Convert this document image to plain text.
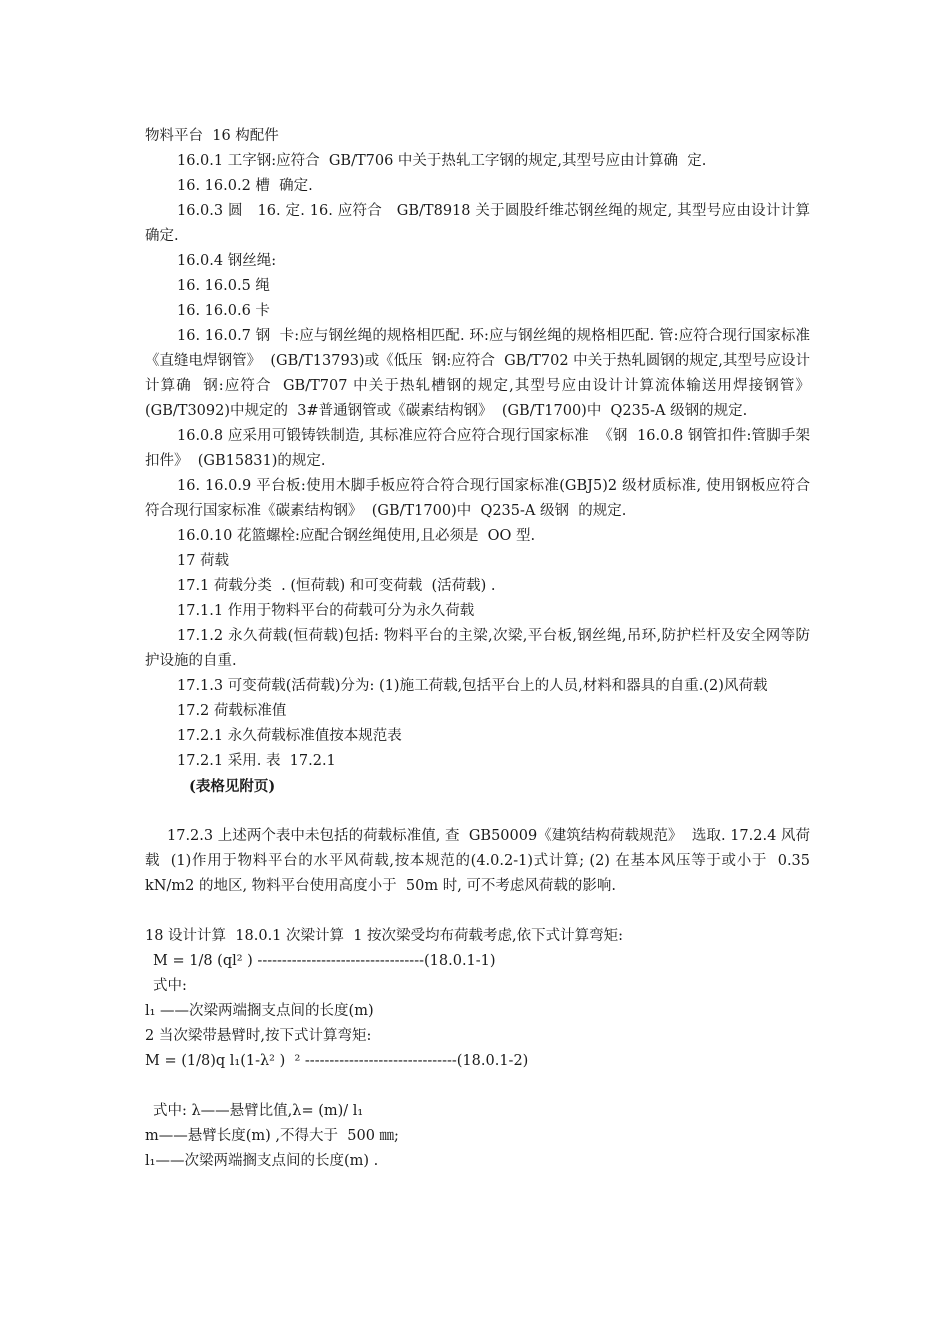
物料平台  16 构配件

16.0.1 工字钢:应符合  GB/T706 中关于热轧工字钢的规定,其型号应由计算确  定.

16. 16.0.2 槽  确定.

16.0.3 圆   16. 定. 16. 应符合   GB/T8918 关于圆股纤维芯钢丝绳的规定, 其型号应由设计计算确定.

16.0.4 钢丝绳:

16. 16.0.5 绳

16. 16.0.6 卡

16. 16.0.7 钢  卡:应与钢丝绳的规格相匹配. 环:应与钢丝绳的规格相匹配. 管:应符合现行国家标准《直缝电焊钢管》  (GB/T13793)或《低压  钢:应符合  GB/T702 中关于热轧圆钢的规定,其型号应设计计算确  钢:应符合  GB/T707 中关于热轧槽钢的规定,其型号应由设计计算流体输送用焊接钢管》  (GB/T3092)中规定的  3#普通钢管或《碳素结构钢》  (GB/T1700)中  Q235-A 级钢的规定.

16.0.8 应采用可锻铸铁制造, 其标准应符合应符合现行国家标准  《钢  16.0.8 钢管扣件:管脚手架扣件》  (GB15831)的规定.

16. 16.0.9 平台板:使用木脚手板应符合符合现行国家标准(GBJ5)2 级材质标准, 使用钢板应符合符合现行国家标准《碳素结构钢》  (GB/T1700)中  Q235-A 级钢  的规定.

16.0.10 花篮螺栓:应配合钢丝绳使用,且必须是  OO 型.

17 荷载

17.1 荷载分类  . (恒荷载) 和可变荷载  (活荷载) .

17.1.1 作用于物料平台的荷载可分为永久荷载

17.1.2 永久荷载(恒荷载)包括: 物料平台的主梁,次梁,平台板,钢丝绳,吊环,防护栏杆及安全网等防  护设施的自重.

17.1.3 可变荷载(活荷载)分为: (1)施工荷载,包括平台上的人员,材料和器具的自重.(2)风荷载

17.2 荷载标准值

17.2.1 永久荷载标准值按本规范表

17.2.1 采用. 表  17.2.1

(表格见附页)

17.2.3 上述两个表中未包括的荷载标准值, 查  GB50009《建筑结构荷载规范》  选取. 17.2.4 风荷载  (1)作用于物料平台的水平风荷载,按本规范的(4.0.2-1)式计算; (2) 在基本风压等于或小于  0.35 kN/m2 的地区, 物料平台使用高度小于  50m 时, 可不考虑风荷载的影响.

18 设计计算  18.0.1 次梁计算  1 按次梁受均布荷载考虑,依下式计算弯矩:

M = 1/8 (ql² ) ----------------------------------(18.0.1-1)

式中:

l₁ ——次梁两端搁支点间的长度(m)

2 当次梁带悬臂时,按下式计算弯矩:

M = (1/8)q l₁(1-λ² )  ² -------------------------------(18.0.1-2)

式中: λ——悬臂比值,λ= (m)/ l₁

m——悬臂长度(m) ,不得大于  500 ㎜;

l₁——次梁两端搁支点间的长度(m) .
